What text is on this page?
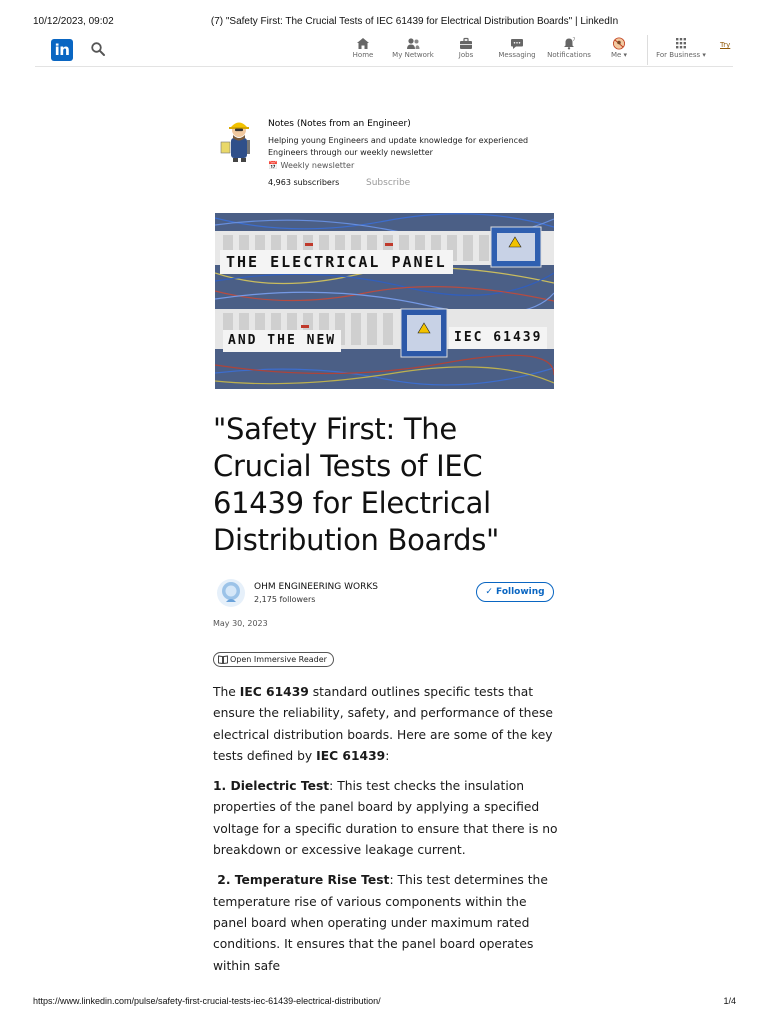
10/12/2023, 09:02	(7) "Safety First: The Crucial Tests of IEC 61439 for Electrical Distribution Boards" | LinkedIn
in	Home	My Network	Jobs	Messaging
7
Notifications	Me ▾	For Business ▾
Try
Notes (Notes from an Engineer)
Helping young Engineers and update knowledge for experienced Engineers through our weekly newsletter
📅 Weekly newsletter
4,963 subscribers	Subscribe
THE ELECTRICAL PANEL
AND THE NEW	IEC 61439
"Safety First: The Crucial Tests of IEC 61439 for Electrical Distribution Boards"
OHM ENGINEERING WORKS
2,175 followers
✓ Following
May 30, 2023
Open Immersive Reader

The IEC 61439 standard outlines specific tests that ensure the reliability, safety, and performance of these electrical distribution boards. Here are some of the key tests defined by IEC 61439:

1. Dielectric Test: This test checks the insulation properties of the panel board by applying a specified voltage for a specific duration to ensure that there is no breakdown or excessive leakage current.

2. Temperature Rise Test: This test determines the temperature rise of various components within the panel board when operating under maximum rated conditions. It ensures that the panel board operates within safe

https://www.linkedin.com/pulse/safety-first-crucial-tests-iec-61439-electrical-distribution/	1/4
